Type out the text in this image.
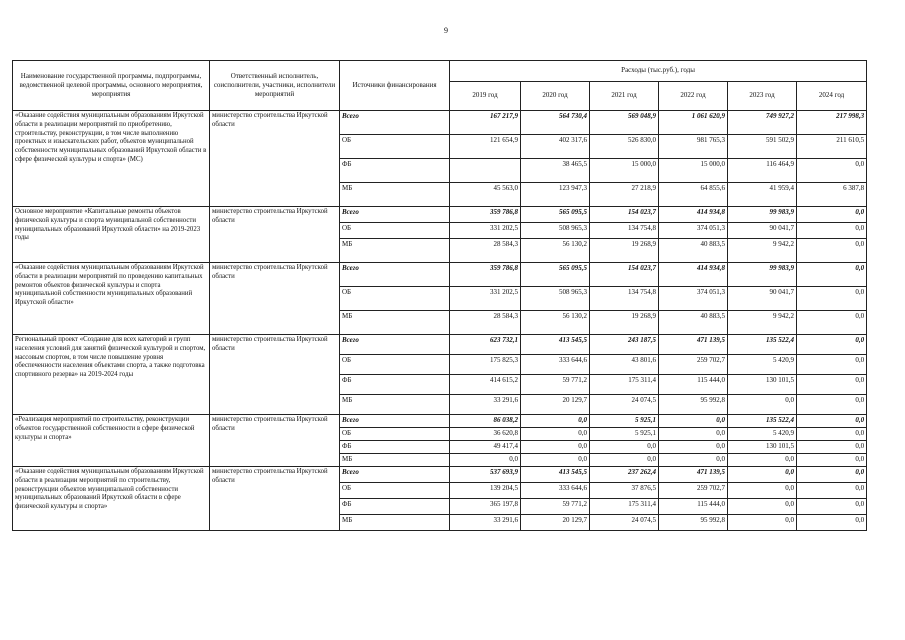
9
Наименование государственной программы, подпрограммы, ведомственной целевой программы, основного мероприятия, мероприятия	Ответственный исполнитель, соисполнители, участники, исполнители мероприятий	Источники финансирования	Расходы (тыс.руб.), годы					
			2019 год	2020 год	2021 год	2022 год	2023 год	2024 год
«Оказание содействия муниципальным образованиям Иркутской области в реализации мероприятий по приобретению, строительству, реконструкции, в том числе выполнению проектных и изыскательских работ, объектов муниципальной собственности муниципальных образований Иркутской области в сфере физической культуры и спорта» (МС)	министерство строительства Иркутской области	Всего	167 217,9	564 730,4	569 048,9	1 061 620,9	749 927,2	217 998,3
		ОБ	121 654,9	402 317,6	526 830,0	981 765,3	591 502,9	211 610,5
		ФБ		38 465,5	15 000,0	15 000,0	116 464,9	0,0
		МБ	45 563,0	123 947,3	27 218,9	64 855,6	41 959,4	6 387,8
Основное мероприятие «Капитальные ремонты объектов физической культуры и спорта муниципальной собственности муниципальных образований Иркутской области» на 2019-2023 годы	министерство строительства Иркутской области	Всего	359 786,8	565 095,5	154 023,7	414 934,8	99 983,9	0,0
		ОБ	331 202,5	508 965,3	134 754,8	374 051,3	90 041,7	0,0
		МБ	28 584,3	56 130,2	19 268,9	40 883,5	9 942,2	0,0
«Оказание содействия муниципальным образованиям Иркутской области в реализации мероприятий по проведению капитальных ремонтов объектов физической культуры и спорта муниципальной собственности муниципальных образований Иркутской области»	министерство строительства Иркутской области	Всего	359 786,8	565 095,5	154 023,7	414 934,8	99 983,9	0,0
		ОБ	331 202,5	508 965,3	134 754,8	374 051,3	90 041,7	0,0
		МБ	28 584,3	56 130,2	19 268,9	40 883,5	9 942,2	0,0
Региональный проект «Создание для всех категорий и групп населения условий для занятий физической культурой и спортом, массовым спортом, в том числе повышение уровня обеспеченности населения объектами спорта, а также подготовка спортивного резерва» на 2019-2024 годы	министерство строительства Иркутской области	Всего	623 732,1	413 545,5	243 187,5	471 139,5	135 522,4	0,0
		ОБ	175 825,3	333 644,6	43 801,6	259 702,7	5 420,9	0,0
		ФБ	414 615,2	59 771,2	175 311,4	115 444,0	130 101,5	0,0
		МБ	33 291,6	20 129,7	24 074,5	95 992,8	0,0	0,0
«Реализация мероприятий по строительству, реконструкции объектов государственной собственности в сфере физической культуры и спорта»	министерство строительства Иркутской области	Всего	86 038,2	0,0	5 925,1	0,0	135 522,4	0,0
		ОБ	36 620,8	0,0	5 925,1	0,0	5 420,9	0,0
		ФБ	49 417,4	0,0	0,0	0,0	130 101,5	0,0
		МБ	0,0	0,0	0,0	0,0	0,0	0,0
«Оказание содействия муниципальным образованиям Иркутской области в реализации мероприятий по строительству, реконструкции объектов муниципальной собственности муниципальных образований Иркутской области в сфере физической культуры и спорта»	министерство строительства Иркутской области	Всего	537 693,9	413 545,5	237 262,4	471 139,5	0,0	0,0
		ОБ	139 204,5	333 644,6	37 876,5	259 702,7	0,0	0,0
		ФБ	365 197,8	59 771,2	175 311,4	115 444,0	0,0	0,0
		МБ	33 291,6	20 129,7	24 074,5	95 992,8	0,0	0,0
